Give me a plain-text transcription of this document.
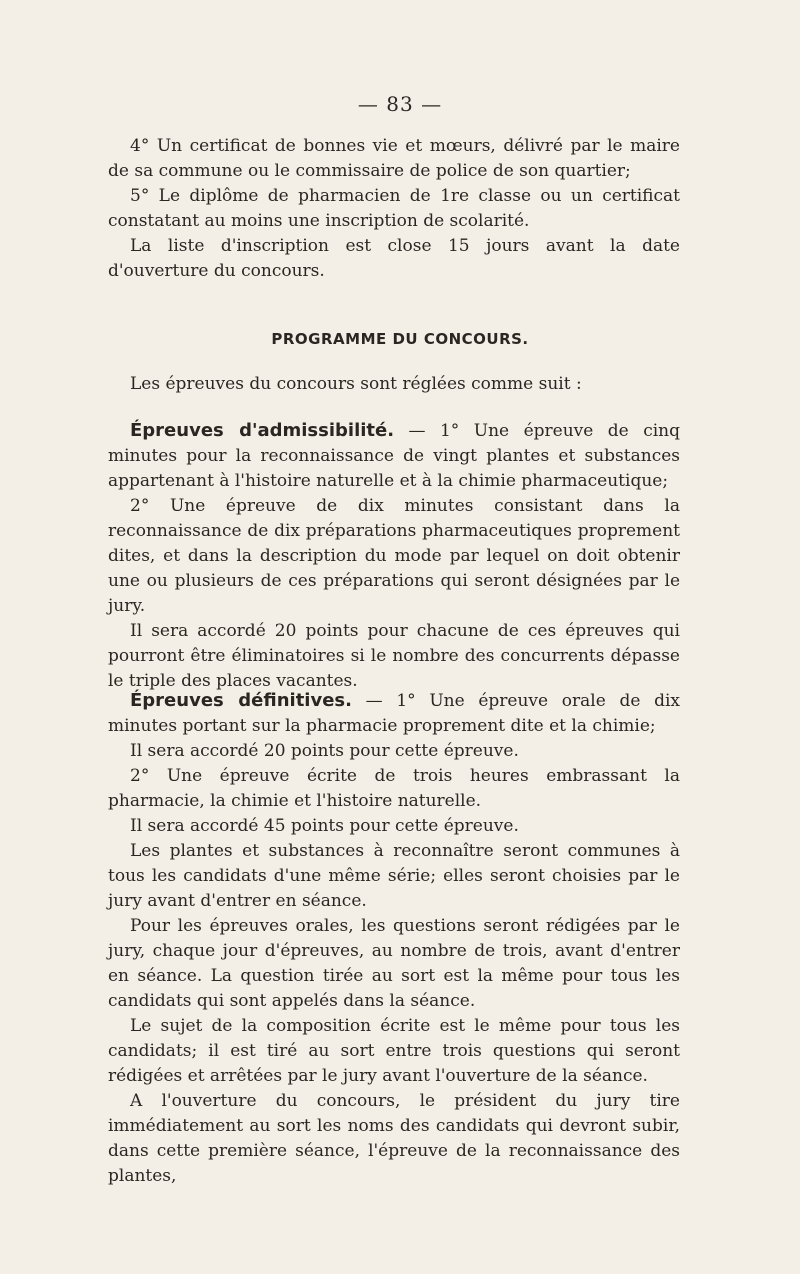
— 83 —

4° Un certificat de bonnes vie et mœurs, délivré par le maire de sa commune ou le commissaire de police de son quartier;

5° Le diplôme de pharmacien de 1re classe ou un certificat constatant au moins une inscription de scolarité.

La liste d'inscription est close 15 jours avant la date d'ouverture du concours.

PROGRAMME DU CONCOURS.

Les épreuves du concours sont réglées comme suit :

Épreuves d'admissibilité. — 1° Une épreuve de cinq minutes pour la reconnaissance de vingt plantes et substances appartenant à l'histoire naturelle et à la chimie pharmaceutique;

2° Une épreuve de dix minutes consistant dans la reconnaissance de dix préparations pharmaceutiques proprement dites, et dans la description du mode par lequel on doit obtenir une ou plusieurs de ces préparations qui seront désignées par le jury.

Il sera accordé 20 points pour chacune de ces épreuves qui pourront être éliminatoires si le nombre des concurrents dépasse le triple des places vacantes.

Épreuves définitives. — 1° Une épreuve orale de dix minutes portant sur la pharmacie proprement dite et la chimie;

Il sera accordé 20 points pour cette épreuve.

2° Une épreuve écrite de trois heures embrassant la pharmacie, la chimie et l'histoire naturelle.

Il sera accordé 45 points pour cette épreuve.

Les plantes et substances à reconnaître seront communes à tous les candidats d'une même série; elles seront choisies par le jury avant d'entrer en séance.

Pour les épreuves orales, les questions seront rédigées par le jury, chaque jour d'épreuves, au nombre de trois, avant d'entrer en séance. La question tirée au sort est la même pour tous les candidats qui sont appelés dans la séance.

Le sujet de la composition écrite est le même pour tous les candidats; il est tiré au sort entre trois questions qui seront rédigées et arrêtées par le jury avant l'ouverture de la séance.

A l'ouverture du concours, le président du jury tire immédiatement au sort les noms des candidats qui devront subir, dans cette première séance, l'épreuve de la reconnaissance des plantes,
